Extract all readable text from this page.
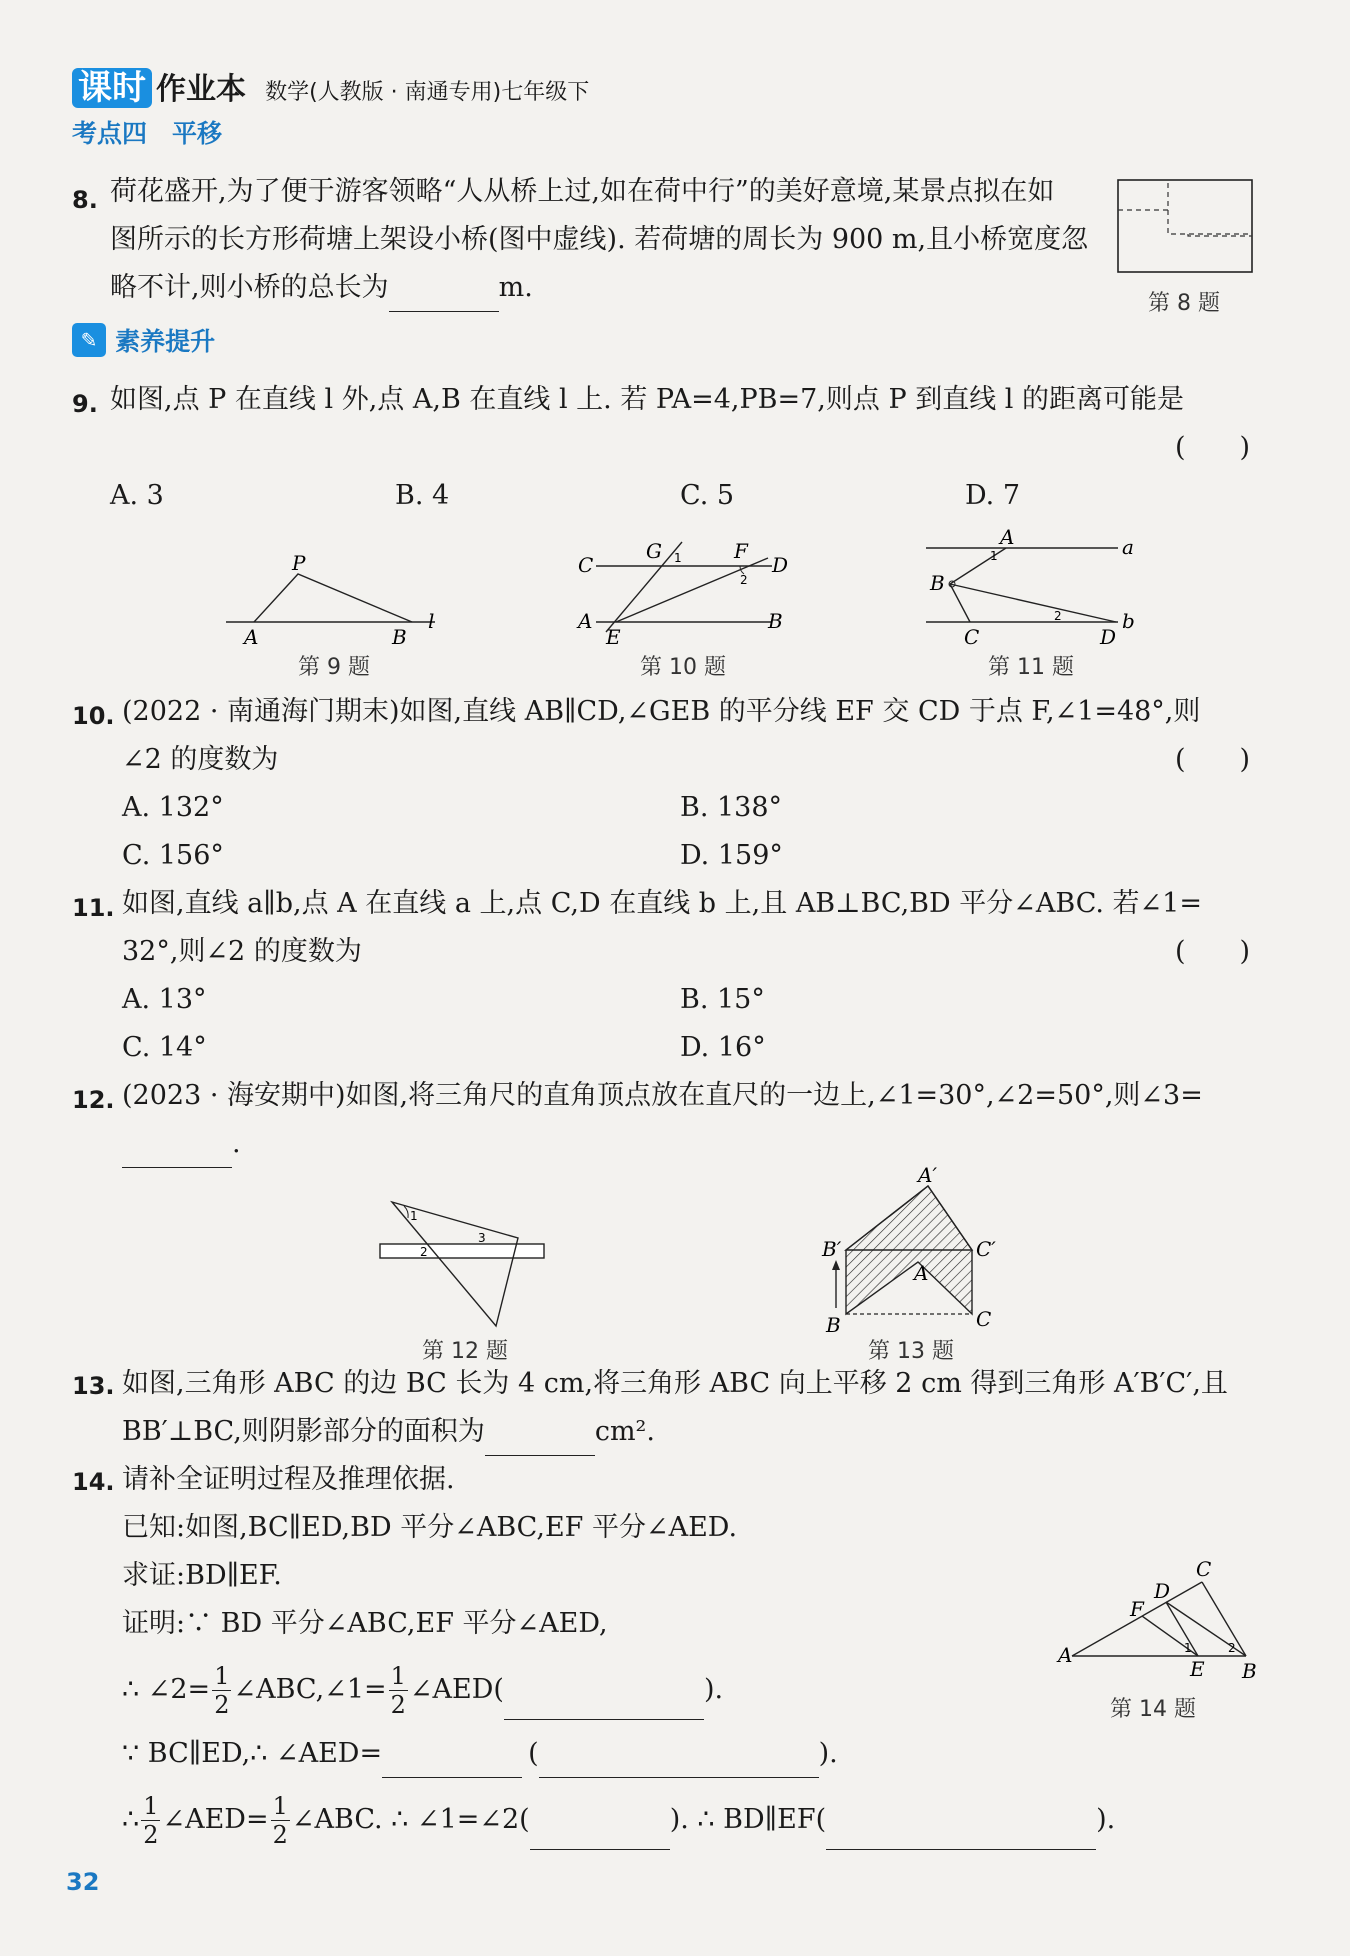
课时 作业本 数学(人教版 · 南通专用)七年级下
考点四　平移
8. 荷花盛开,为了便于游客领略“人从桥上过,如在荷中行”的美好意境,某景点拟在如
图所示的长方形荷塘上架设小桥(图中虚线). 若荷塘的周长为 900 m,且小桥宽度忽
略不计,则小桥的总长为	m.
第 8 题
✎ 素养提升
9. 如图,点 P 在直线 l 外,点 A,B 在直线 l 上. 若 PA=4,PB=7,则点 P 到直线 l 的距离可能是
(　　)
A. 3	B. 4	C. 5	D. 7
P
A	B
l
第 9 题
C
G	F
D
A
E
B
1
2
第 10 题
A	a
B
C	D
b
1
2
第 11 题
10. (2022 · 南通海门期末)如图,直线 AB∥CD,∠GEB 的平分线 EF 交 CD 于点 F,∠1=48°,则
∠2 的度数为	(　　)
A. 132°	B. 138°
C. 156°	D. 159°
11. 如图,直线 a∥b,点 A 在直线 a 上,点 C,D 在直线 b 上,且 AB⊥BC,BD 平分∠ABC. 若∠1=
32°,则∠2 的度数为	(　　)
A. 13°	B. 15°
C. 14°	D. 16°
12. (2023 · 海安期中)如图,将三角尺的直角顶点放在直尺的一边上,∠1=30°,∠2=50°,则∠3=
.
1
2
3
第 12 题
A′
B′	C′
A
B	C
第 13 题
13. 如图,三角形 ABC 的边 BC 长为 4 cm,将三角形 ABC 向上平移 2 cm 得到三角形 A′B′C′,且
BB′⊥BC,则阴影部分的面积为	cm².
14. 请补全证明过程及推理依据.
已知:如图,BC∥ED,BD 平分∠ABC,EF 平分∠AED.
求证:BD∥EF.
证明:∵ BD 平分∠ABC,EF 平分∠AED,
∴ ∠2= $\frac{1}{2}$ ∠ABC,∠1= $\frac{1}{2}$ ∠AED(	).
∵ BC∥ED,∴ ∠AED=	(	).
∴ $\frac{1}{2}$ ∠AED= $\frac{1}{2}$ ∠ABC. ∴ ∠1=∠2(	). ∴ BD∥EF(	).
A
B
C
D
E
F
1	2
第 14 题
32
